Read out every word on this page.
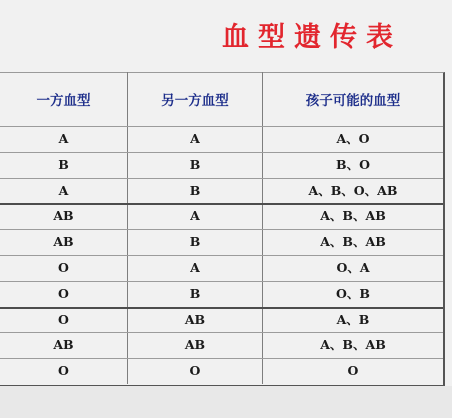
血型遗传表
一方血型	另一方血型	孩子可能的血型
A	A	A、O
B	B	B、O
A	B	A、B、O、AB
AB	A	A、B、AB
AB	B	A、B、AB
O	A	O、A
O	B	O、B
O	AB	A、B
AB	AB	A、B、AB
O	O	O
